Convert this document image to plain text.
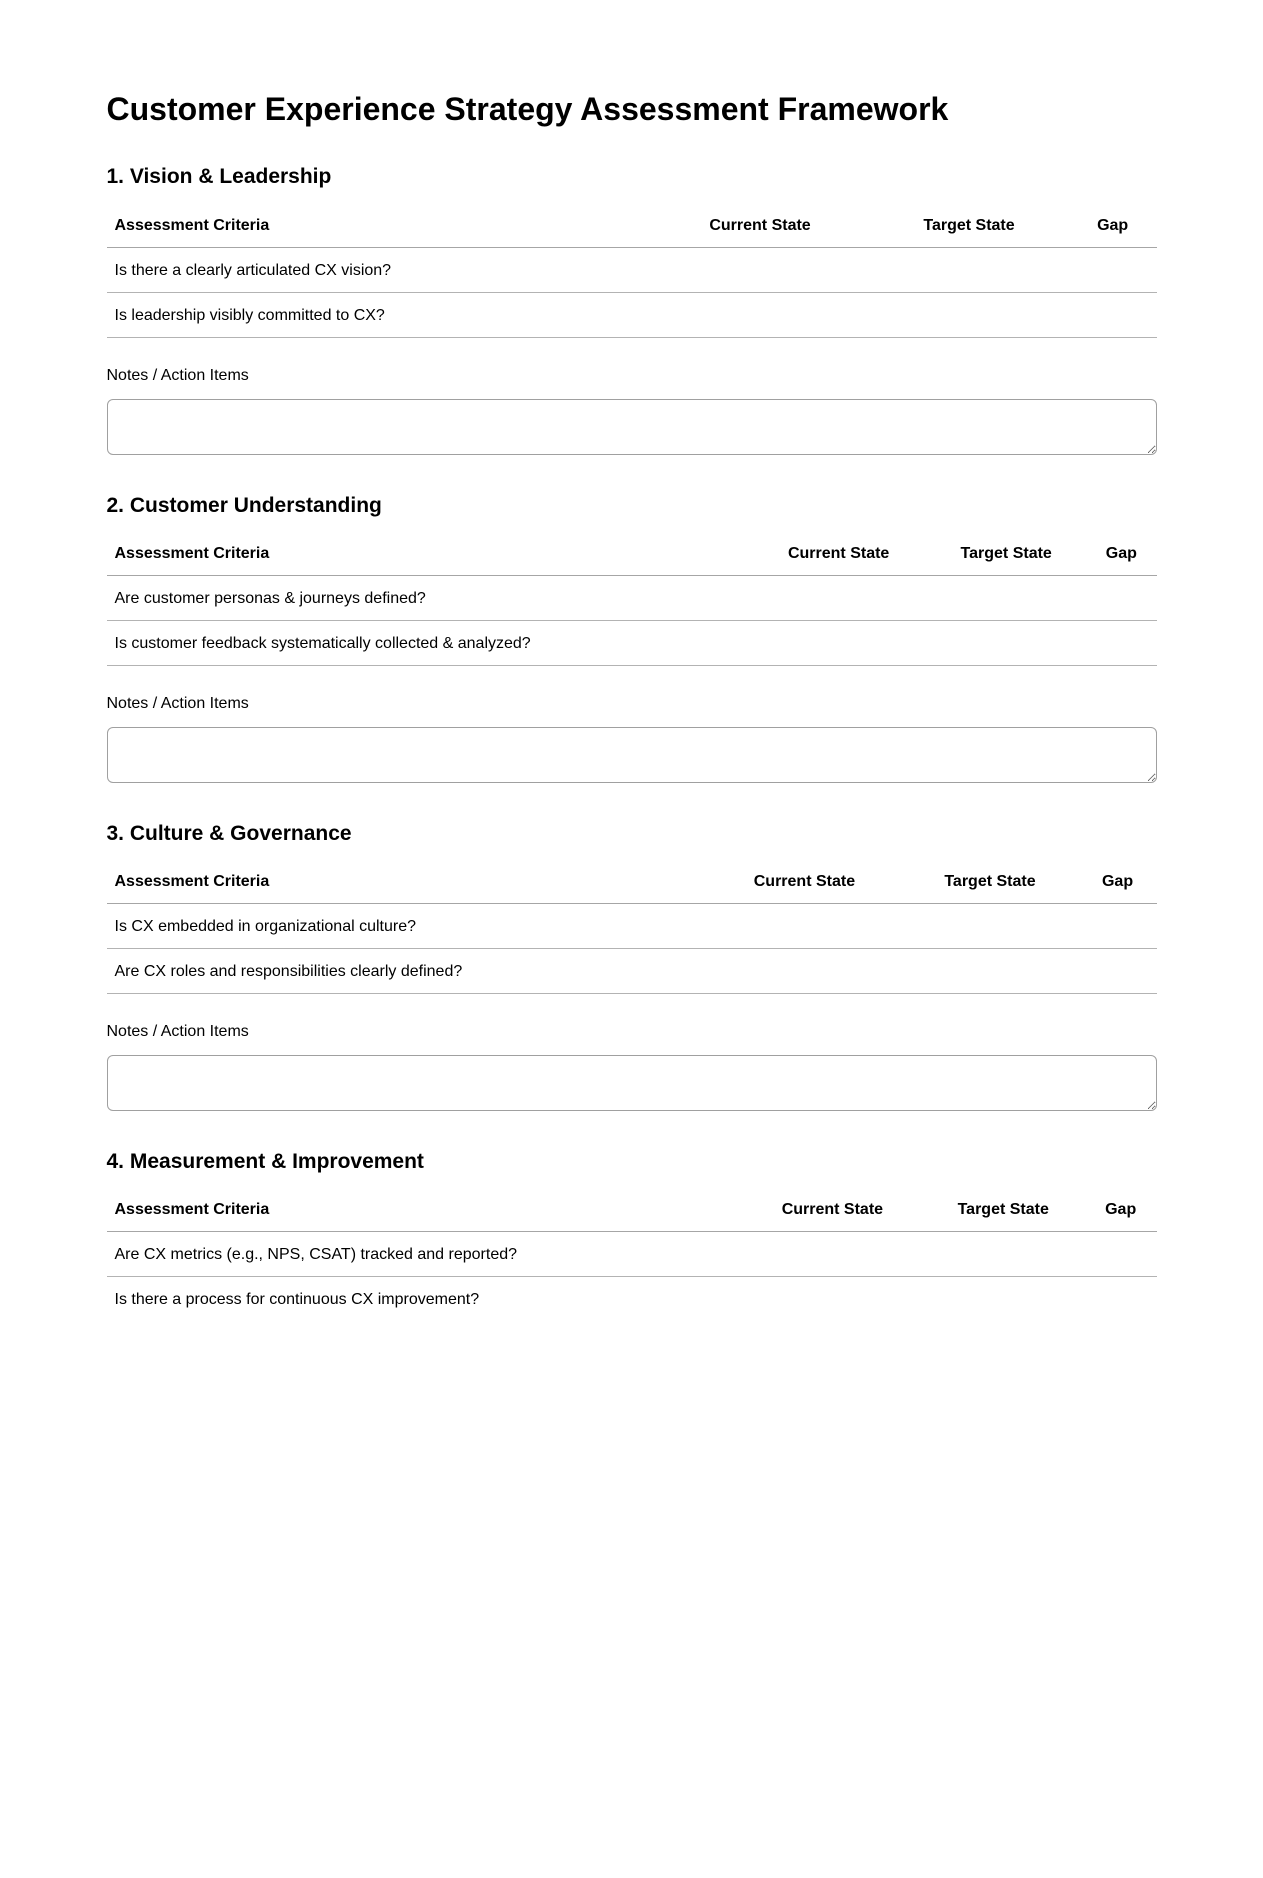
Customer Experience Strategy Assessment Framework
1. Vision & Leadership
Assessment Criteria	Current State	Target State	Gap
Is there a clearly articulated CX vision?			
Is leadership visibly committed to CX?			
Notes / Action Items
2. Customer Understanding
Assessment Criteria	Current State	Target State	Gap
Are customer personas & journeys defined?			
Is customer feedback systematically collected & analyzed?			
Notes / Action Items
3. Culture & Governance
Assessment Criteria	Current State	Target State	Gap
Is CX embedded in organizational culture?			
Are CX roles and responsibilities clearly defined?			
Notes / Action Items
4. Measurement & Improvement
Assessment Criteria	Current State	Target State	Gap
Are CX metrics (e.g., NPS, CSAT) tracked and reported?			
Is there a process for continuous CX improvement?			
